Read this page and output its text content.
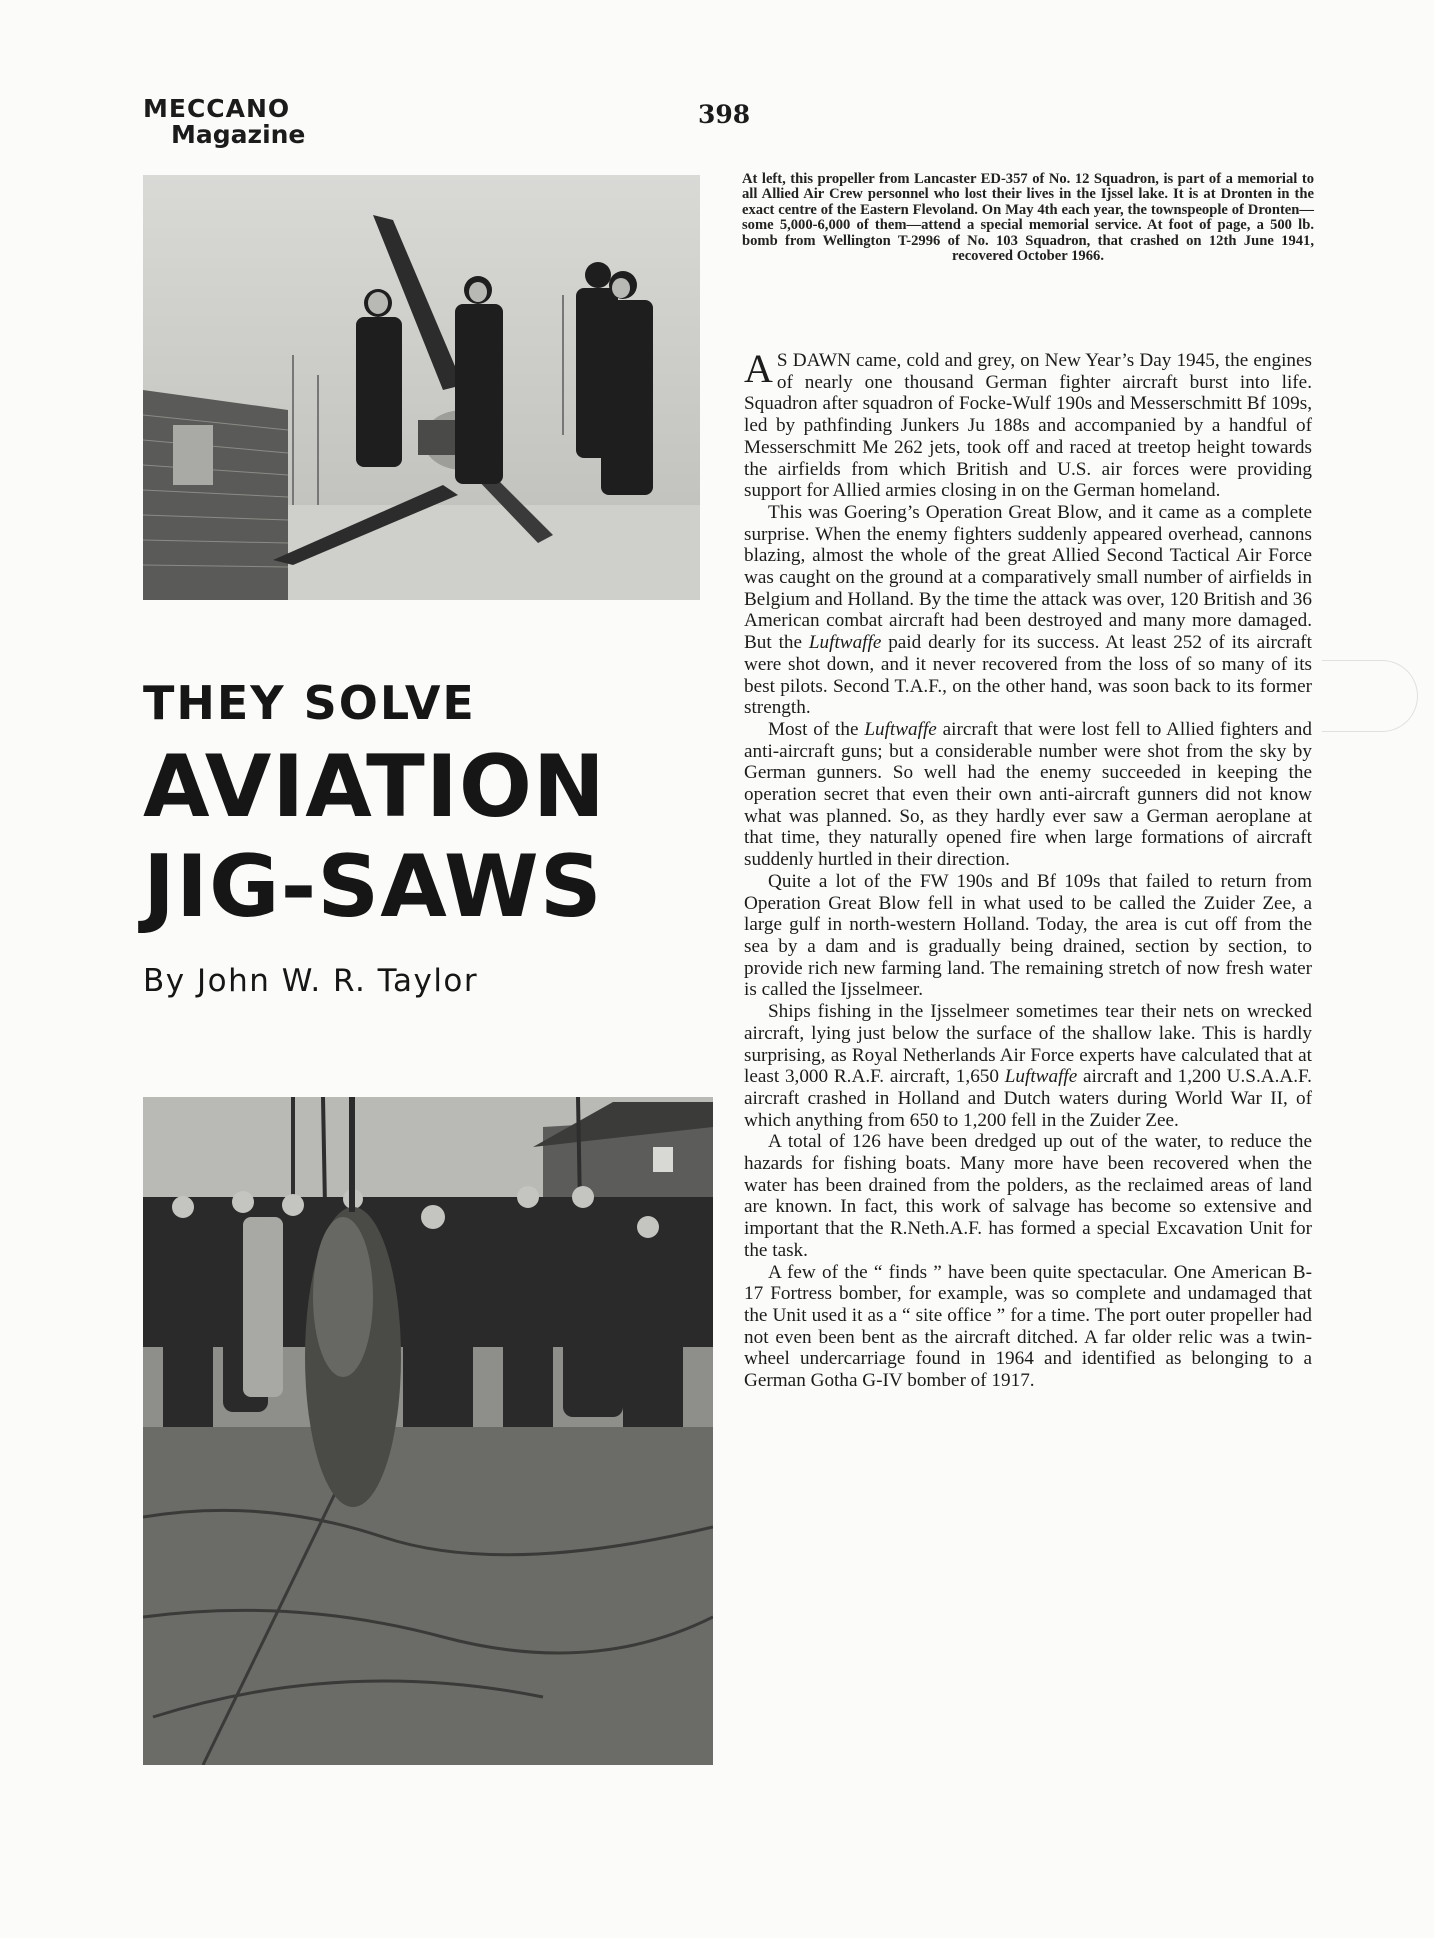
MECCANO
Magazine
398
At left, this propeller from Lancaster ED-357 of No. 12 Squadron, is part of a memorial to all Allied Air Crew personnel who lost their lives in the Ijssel lake. It is at Dronten in the exact centre of the Eastern Flevoland. On May 4th each year, the townspeople of Dronten—some 5,000-6,000 of them—attend a special memorial service. At foot of page, a 500 lb. bomb from Wellington T-2996 of No. 103 Squadron, that crashed on 12th June 1941, recovered October 1966.
THEY SOLVE
AVIATION
JIG-SAWS
By John W. R. Taylor

A S DAWN came, cold and grey, on New Year’s Day 1945, the engines of nearly one thousand German fighter aircraft burst into life. Squadron after squadron of Focke-Wulf 190s and Messerschmitt Bf 109s, led by pathfinding Junkers Ju 188s and accompanied by a handful of Messerschmitt Me 262 jets, took off and raced at treetop height towards the airfields from which British and U.S. air forces were providing support for Allied armies closing in on the German homeland.

This was Goering’s Operation Great Blow, and it came as a complete surprise. When the enemy fighters suddenly appeared overhead, cannons blazing, almost the whole of the great Allied Second Tactical Air Force was caught on the ground at a comparatively small number of airfields in Belgium and Holland. By the time the attack was over, 120 British and 36 American combat aircraft had been destroyed and many more damaged. But the Luftwaffe paid dearly for its success. At least 252 of its aircraft were shot down, and it never recovered from the loss of so many of its best pilots. Second T.A.F., on the other hand, was soon back to its former strength.

Most of the Luftwaffe aircraft that were lost fell to Allied fighters and anti-aircraft guns; but a considerable number were shot from the sky by German gunners. So well had the enemy succeeded in keeping the operation secret that even their own anti-aircraft gunners did not know what was planned. So, as they hardly ever saw a German aeroplane at that time, they naturally opened fire when large formations of aircraft suddenly hurtled in their direction.

Quite a lot of the FW 190s and Bf 109s that failed to return from Operation Great Blow fell in what used to be called the Zuider Zee, a large gulf in north-western Holland. Today, the area is cut off from the sea by a dam and is gradually being drained, section by section, to provide rich new farming land. The remaining stretch of now fresh water is called the Ijsselmeer.

Ships fishing in the Ijsselmeer sometimes tear their nets on wrecked aircraft, lying just below the surface of the shallow lake. This is hardly surprising, as Royal Netherlands Air Force experts have calculated that at least 3,000 R.A.F. aircraft, 1,650 Luftwaffe aircraft and 1,200 U.S.A.A.F. aircraft crashed in Holland and Dutch waters during World War II, of which anything from 650 to 1,200 fell in the Zuider Zee.

A total of 126 have been dredged up out of the water, to reduce the hazards for fishing boats. Many more have been recovered when the water has been drained from the polders, as the reclaimed areas of land are known. In fact, this work of salvage has become so extensive and important that the R.Neth.A.F. has formed a special Excavation Unit for the task.

A few of the “ finds ” have been quite spectacular. One American B-17 Fortress bomber, for example, was so complete and undamaged that the Unit used it as a “ site office ” for a time. The port outer propeller had not even been bent as the aircraft ditched. A far older relic was a twin-wheel undercarriage found in 1964 and identified as belonging to a German Gotha G-IV bomber of 1917.
